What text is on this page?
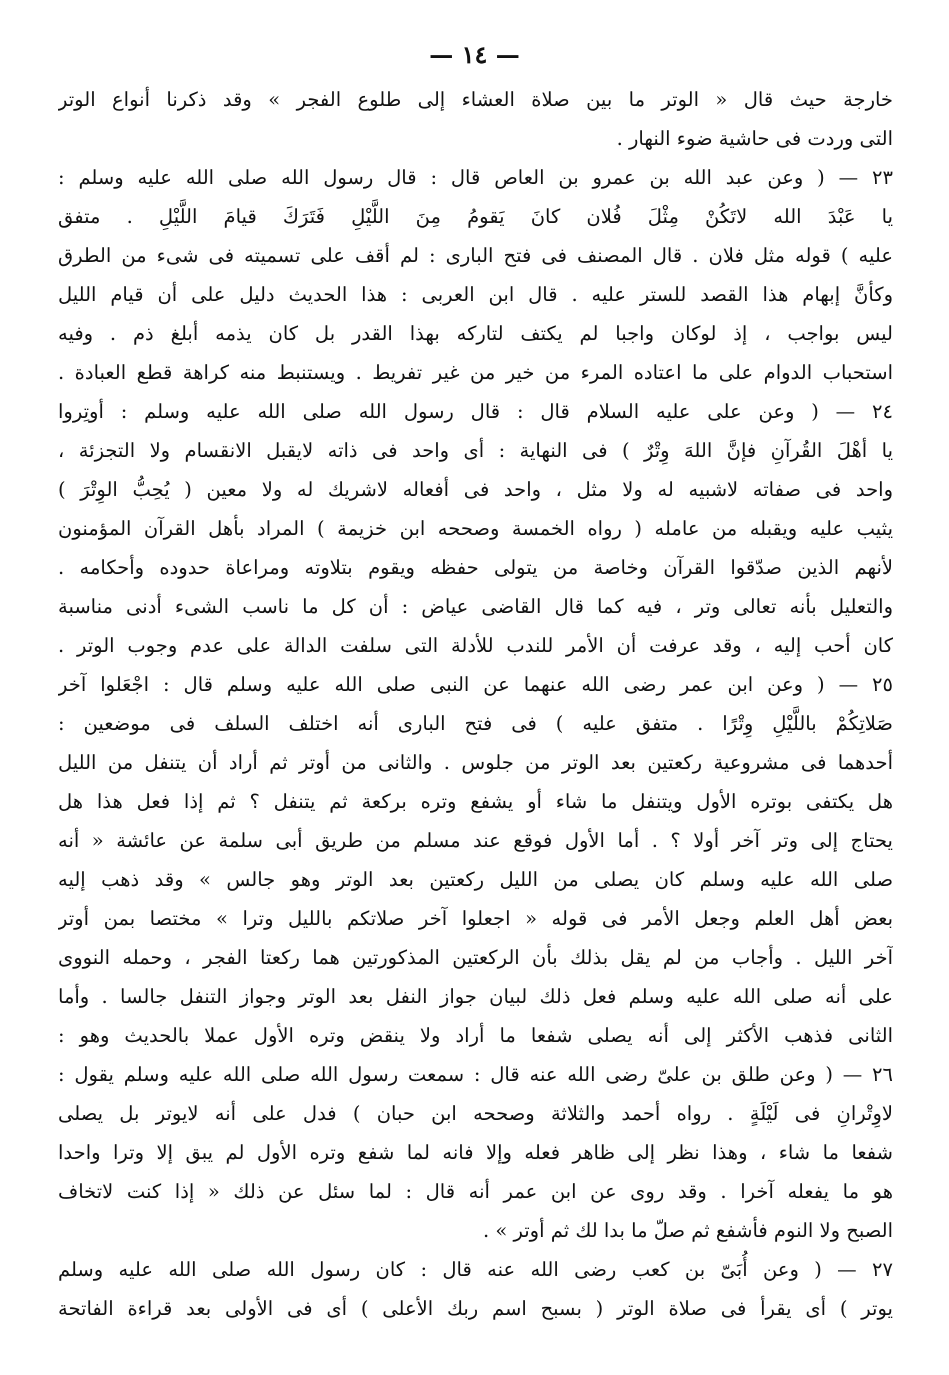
— ١٤ —
خارجة حيث قال « الوتر ما بين صلاة العشاء إلى طلوع الفجر » وقد ذكرنا أنواع الوتر
التى وردت فى حاشية ضوء النهار .
٢٣ — ( وعن عبد الله بن عمرو بن العاص قال : قال رسول الله صلى الله عليه وسلم :
يا عَبْدَ الله لاتَكُنْ مِثْلَ فُلان كانَ يَقومُ مِنَ اللَّيْلِ فَتَرَكَ قيامَ اللَّيْلِ . متفق
عليه ) قوله مثل فلان . قال المصنف فى فتح البارى : لم أقف على تسميته فى شىء من الطرق
وكأنَّ إبهام هذا القصد للستر عليه . قال ابن العربى : هذا الحديث دليل على أن قيام الليل
ليس بواجب ، إذ لوكان واجبا لم يكتف لتاركه بهذا القدر بل كان يذمه أبلغ ذم . وفيه
استحباب الدوام على ما اعتاده المرء من خير من غير تفريط . ويستنبط منه كراهة قطع العبادة .
٢٤ — ( وعن على عليه السلام قال : قال رسول الله صلى الله عليه وسلم : أوتِروا
يا أهْلَ القُرآنِ فإنَّ اللهَ وِتْرٌ ) فى النهاية : أى واحد فى ذاته لايقبل الانقسام ولا التجزئة ،
واحد فى صفاته لاشبيه له ولا مثل ، واحد فى أفعاله لاشريك له ولا معين ( يُحِبُّ الوِتْرَ )
يثيب عليه ويقبله من عامله ( رواه الخمسة وصححه ابن خزيمة ) المراد بأهل القرآن المؤمنون
لأنهم الذين صدّقوا القرآن وخاصة من يتولى حفظه ويقوم بتلاوته ومراعاة حدوده وأحكامه .
والتعليل بأنه تعالى وتر ، فيه كما قال القاضى عياض : أن كل ما ناسب الشىء أدنى مناسبة
كان أحب إليه ، وقد عرفت أن الأمر للندب للأدلة التى سلفت الدالة على عدم وجوب الوتر .
٢٥ — ( وعن ابن عمر رضى الله عنهما عن النبى صلى الله عليه وسلم قال : اجْعَلوا آخر
صَلاتِكُمْ باللَّيْلِ وِتْرًا . متفق عليه ) فى فتح البارى أنه اختلف السلف فى موضعين :
أحدهما فى مشروعية ركعتين بعد الوتر من جلوس . والثانى من أوتر ثم أراد أن يتنفل من الليل
هل يكتفى بوتره الأول ويتنفل ما شاء أو يشفع وتره بركعة ثم يتنفل ؟ ثم إذا فعل هذا هل
يحتاج إلى وتر آخر أولا ؟ . أما الأول فوقع عند مسلم من طريق أبى سلمة عن عائشة « أنه
صلى الله عليه وسلم كان يصلى من الليل ركعتين بعد الوتر وهو جالس » وقد ذهب إليه
بعض أهل العلم وجعل الأمر فى قوله « اجعلوا آخر صلاتكم بالليل وترا » مختصا بمن أوتر
آخر الليل . وأجاب من لم يقل بذلك بأن الركعتين المذكورتين هما ركعتا الفجر ، وحمله النووى
على أنه صلى الله عليه وسلم فعل ذلك لبيان جواز النفل بعد الوتر وجواز التنفل جالسا . وأما
الثانى فذهب الأكثر إلى أنه يصلى شفعا ما أراد ولا ينقض وتره الأول عملا بالحديث وهو :
٢٦ — ( وعن طلق بن علىّ رضى الله عنه قال : سمعت رسول الله صلى الله عليه وسلم يقول :
لاوِتْرانِ فى لَيْلَةٍ . رواه أحمد والثلاثة وصححه ابن حبان ) فدل على أنه لايوتر بل يصلى
شفعا ما شاء ، وهذا نظر إلى ظاهر فعله وإلا فانه لما شفع وتره الأول لم يبق إلا وترا واحدا
هو ما يفعله آخرا . وقد روى عن ابن عمر أنه قال : لما سئل عن ذلك « إذا كنت لاتخاف
الصبح ولا النوم فأشفع ثم صلّ ما بدا لك ثم أوتر » .
٢٧ — ( وعن أُبَىّ بن كعب رضى الله عنه قال : كان رسول الله صلى الله عليه وسلم
يوتر ) أى يقرأ فى صلاة الوتر ( بسبح اسم ربك الأعلى ) أى فى الأولى بعد قراءة الفاتحة
